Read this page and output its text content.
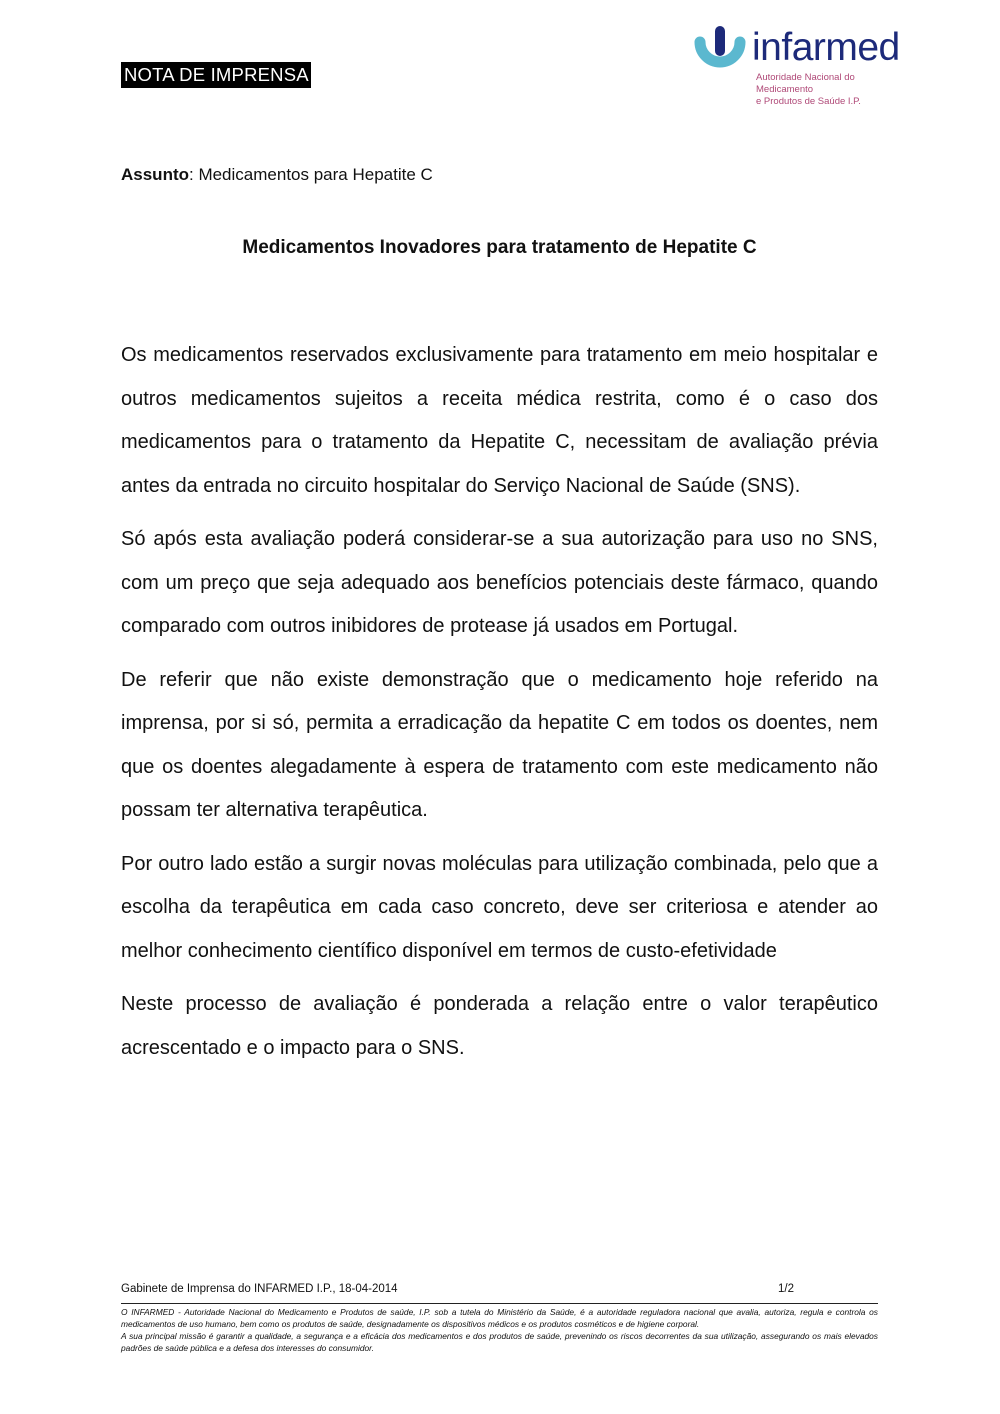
NOTA DE IMPRENSA
infarmed
Autoridade Nacional do Medicamento
e Produtos de Saúde I.P.
Assunto: Medicamentos para Hepatite C
Medicamentos Inovadores para tratamento de Hepatite C

Os medicamentos reservados exclusivamente para tratamento em meio hospitalar e outros medicamentos sujeitos a receita médica restrita, como é o caso dos medicamentos para o tratamento da Hepatite C, necessitam de avaliação prévia antes da entrada no circuito hospitalar do Serviço Nacional de Saúde (SNS).

Só após esta avaliação poderá considerar-se a sua autorização para uso no SNS, com um preço que seja adequado aos benefícios potenciais deste fármaco, quando comparado com outros inibidores de protease já usados em Portugal.

De referir que não existe demonstração que o medicamento hoje referido na imprensa, por si só, permita a erradicação da hepatite C em todos os doentes, nem que os doentes alegadamente à espera de tratamento com este medicamento não possam ter alternativa terapêutica.

Por outro lado estão a surgir novas moléculas para utilização combinada, pelo que a escolha da terapêutica em cada caso concreto, deve ser criteriosa e atender ao melhor conhecimento científico disponível em termos de custo-efetividade

Neste processo de avaliação é ponderada a relação entre o valor terapêutico acrescentado e o impacto para o SNS.

Gabinete de Imprensa do INFARMED I.P., 18-04-2014	1/2

O INFARMED - Autoridade Nacional do Medicamento e Produtos de saúde, I.P. sob a tutela do Ministério da Saúde, é a autoridade reguladora nacional que avalia, autoriza, regula e controla os medicamentos de uso humano, bem como os produtos de saúde, designadamente os dispositivos médicos e os produtos cosméticos e de higiene corporal.

A sua principal missão é garantir a qualidade, a segurança e a eficácia dos medicamentos e dos produtos de saúde, prevenindo os riscos decorrentes da sua utilização, assegurando os mais elevados padrões de saúde pública e a defesa dos interesses do consumidor.
